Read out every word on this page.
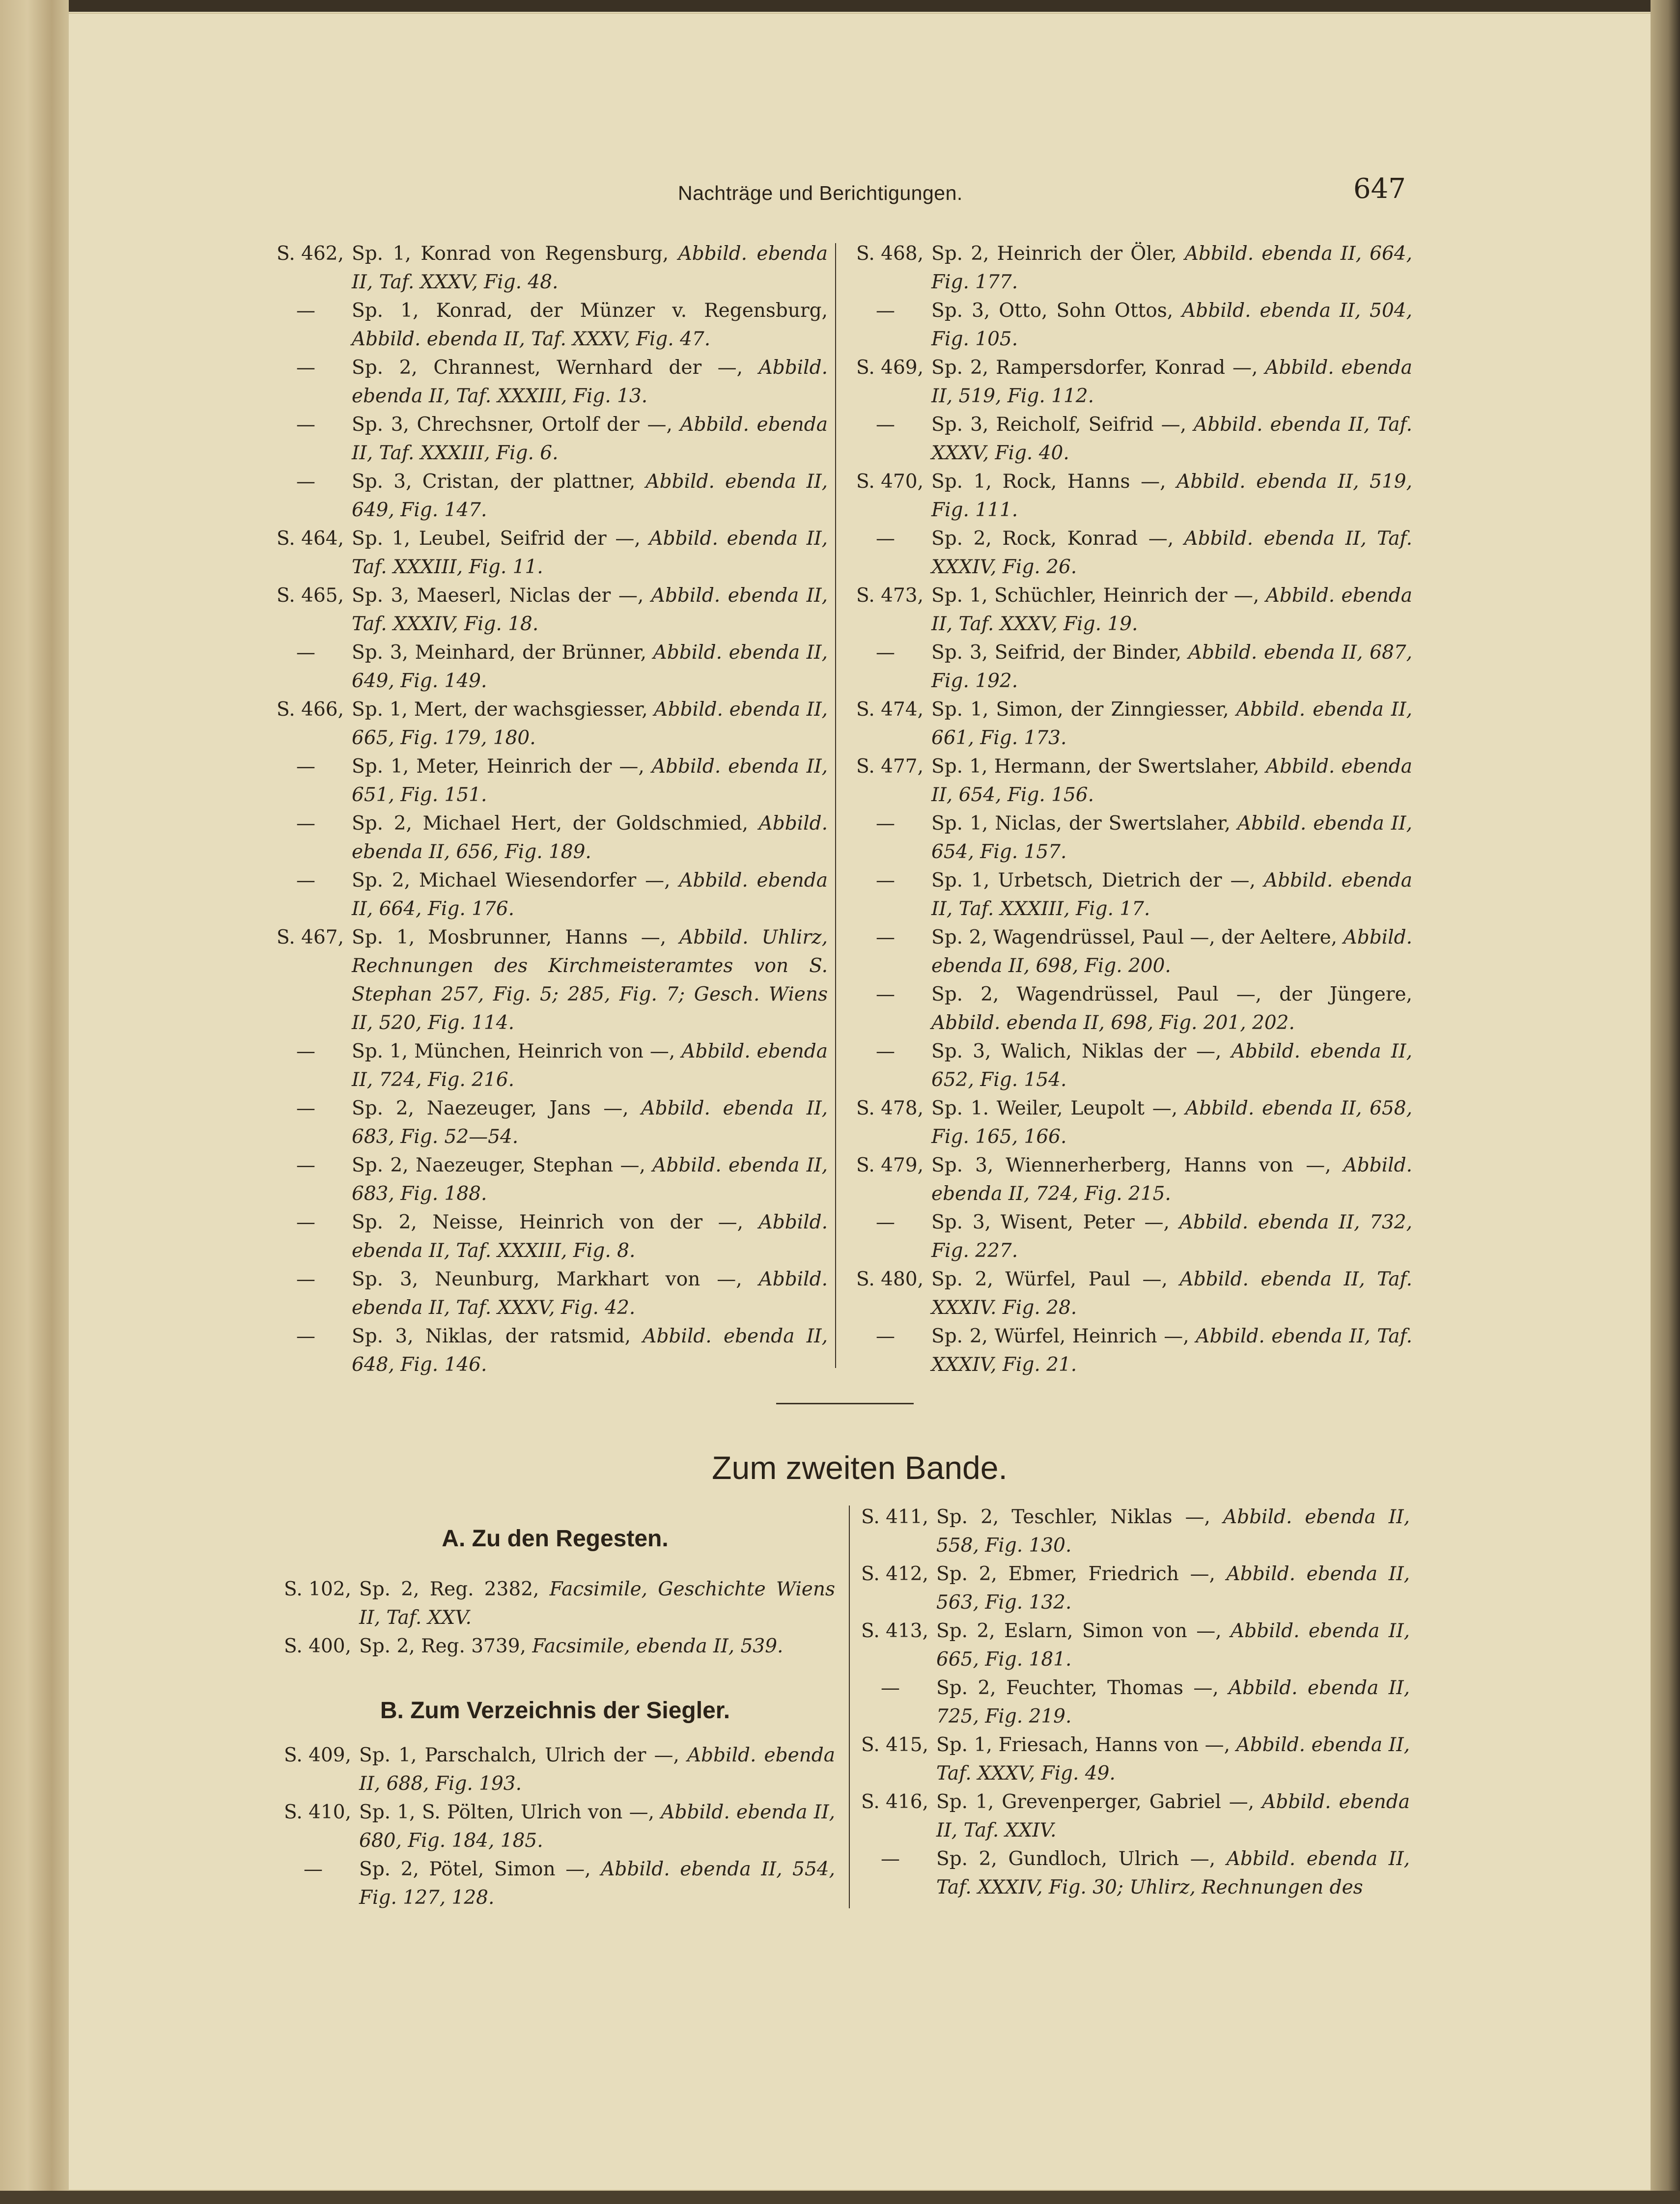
Nachträge und Berichtigungen.	647
S. 462, Sp. 1, Konrad von Regensburg, Abbild. ebenda II, Taf. XXXV, Fig. 48.
—	Sp. 1, Konrad, der Münzer v. Regensburg, Abbild. ebenda II, Taf. XXXV, Fig. 47.
—	Sp. 2, Chrannest, Wernhard der —, Abbild. ebenda II, Taf. XXXIII, Fig. 13.
—	Sp. 3, Chrechsner, Ortolf der —, Abbild. ebenda II, Taf. XXXIII, Fig. 6.
—	Sp. 3, Cristan, der plattner, Abbild. ebenda II, 649, Fig. 147.
S. 464, Sp. 1, Leubel, Seifrid der —, Abbild. ebenda II, Taf. XXXIII, Fig. 11.
S. 465, Sp. 3, Maeserl, Niclas der —, Abbild. ebenda II, Taf. XXXIV, Fig. 18.
—	Sp. 3, Meinhard, der Brünner, Abbild. ebenda II, 649, Fig. 149.
S. 466, Sp. 1, Mert, der wachsgiesser, Abbild. ebenda II, 665, Fig. 179, 180.
—	Sp. 1, Meter, Heinrich der —, Abbild. ebenda II, 651, Fig. 151.
—	Sp. 2, Michael Hert, der Goldschmied, Abbild. ebenda II, 656, Fig. 189.
—	Sp. 2, Michael Wiesendorfer —, Abbild. ebenda II, 664, Fig. 176.
S. 467, Sp. 1, Mosbrunner, Hanns —, Abbild. Uhlirz, Rechnungen des Kirchmeisteramtes von S. Stephan 257, Fig. 5; 285, Fig. 7; Gesch. Wiens II, 520, Fig. 114.
—	Sp. 1, München, Heinrich von —, Abbild. ebenda II, 724, Fig. 216.
—	Sp. 2, Naezeuger, Jans —, Abbild. ebenda II, 683, Fig. 52—54.
—	Sp. 2, Naezeuger, Stephan —, Abbild. ebenda II, 683, Fig. 188.
—	Sp. 2, Neisse, Heinrich von der —, Abbild. ebenda II, Taf. XXXIII, Fig. 8.
—	Sp. 3, Neunburg, Markhart von —, Abbild. ebenda II, Taf. XXXV, Fig. 42.
—	Sp. 3, Niklas, der ratsmid, Abbild. ebenda II, 648, Fig. 146.
S. 468, Sp. 2, Heinrich der Öler, Abbild. ebenda II, 664, Fig. 177.
—	Sp. 3, Otto, Sohn Ottos, Abbild. ebenda II, 504, Fig. 105.
S. 469, Sp. 2, Rampersdorfer, Konrad —, Abbild. ebenda II, 519, Fig. 112.
—	Sp. 3, Reicholf, Seifrid —, Abbild. ebenda II, Taf. XXXV, Fig. 40.
S. 470, Sp. 1, Rock, Hanns —, Abbild. ebenda II, 519, Fig. 111.
—	Sp. 2, Rock, Konrad —, Abbild. ebenda II, Taf. XXXIV, Fig. 26.
S. 473, Sp. 1, Schüchler, Heinrich der —, Abbild. ebenda II, Taf. XXXV, Fig. 19.
—	Sp. 3, Seifrid, der Binder, Abbild. ebenda II, 687, Fig. 192.
S. 474, Sp. 1, Simon, der Zinngiesser, Abbild. ebenda II, 661, Fig. 173.
S. 477, Sp. 1, Hermann, der Swertslaher, Abbild. ebenda II, 654, Fig. 156.
—	Sp. 1, Niclas, der Swertslaher, Abbild. ebenda II, 654, Fig. 157.
—	Sp. 1, Urbetsch, Dietrich der —, Abbild. ebenda II, Taf. XXXIII, Fig. 17.
—	Sp. 2, Wagendrüssel, Paul —, der Aeltere, Abbild. ebenda II, 698, Fig. 200.
—	Sp. 2, Wagendrüssel, Paul —, der Jüngere, Abbild. ebenda II, 698, Fig. 201, 202.
—	Sp. 3, Walich, Niklas der —, Abbild. ebenda II, 652, Fig. 154.
S. 478, Sp. 1. Weiler, Leupolt —, Abbild. ebenda II, 658, Fig. 165, 166.
S. 479, Sp. 3, Wiennerherberg, Hanns von —, Abbild. ebenda II, 724, Fig. 215.
—	Sp. 3, Wisent, Peter —, Abbild. ebenda II, 732, Fig. 227.
S. 480, Sp. 2, Würfel, Paul —, Abbild. ebenda II, Taf. XXXIV. Fig. 28.
—	Sp. 2, Würfel, Heinrich —, Abbild. ebenda II, Taf. XXXIV, Fig. 21.
Zum zweiten Bande.
A. Zu den Regesten.
S. 102, Sp. 2, Reg. 2382, Facsimile, Geschichte Wiens II, Taf. XXV.
S. 400, Sp. 2, Reg. 3739, Facsimile, ebenda II, 539.
B. Zum Verzeichnis der Siegler.
S. 409, Sp. 1, Parschalch, Ulrich der —, Abbild. ebenda II, 688, Fig. 193.
S. 410, Sp. 1, S. Pölten, Ulrich von —, Abbild. ebenda II, 680, Fig. 184, 185.
—	Sp. 2, Pötel, Simon —, Abbild. ebenda II, 554, Fig. 127, 128.
S. 411, Sp. 2, Teschler, Niklas —, Abbild. ebenda II, 558, Fig. 130.
S. 412, Sp. 2, Ebmer, Friedrich —, Abbild. ebenda II, 563, Fig. 132.
S. 413, Sp. 2, Eslarn, Simon von —, Abbild. ebenda II, 665, Fig. 181.
—	Sp. 2, Feuchter, Thomas —, Abbild. ebenda II, 725, Fig. 219.
S. 415, Sp. 1, Friesach, Hanns von —, Abbild. ebenda II, Taf. XXXV, Fig. 49.
S. 416, Sp. 1, Grevenperger, Gabriel —, Abbild. ebenda II, Taf. XXIV.
—	Sp. 2, Gundloch, Ulrich —, Abbild. ebenda II, Taf. XXXIV, Fig. 30; Uhlirz, Rechnungen des
